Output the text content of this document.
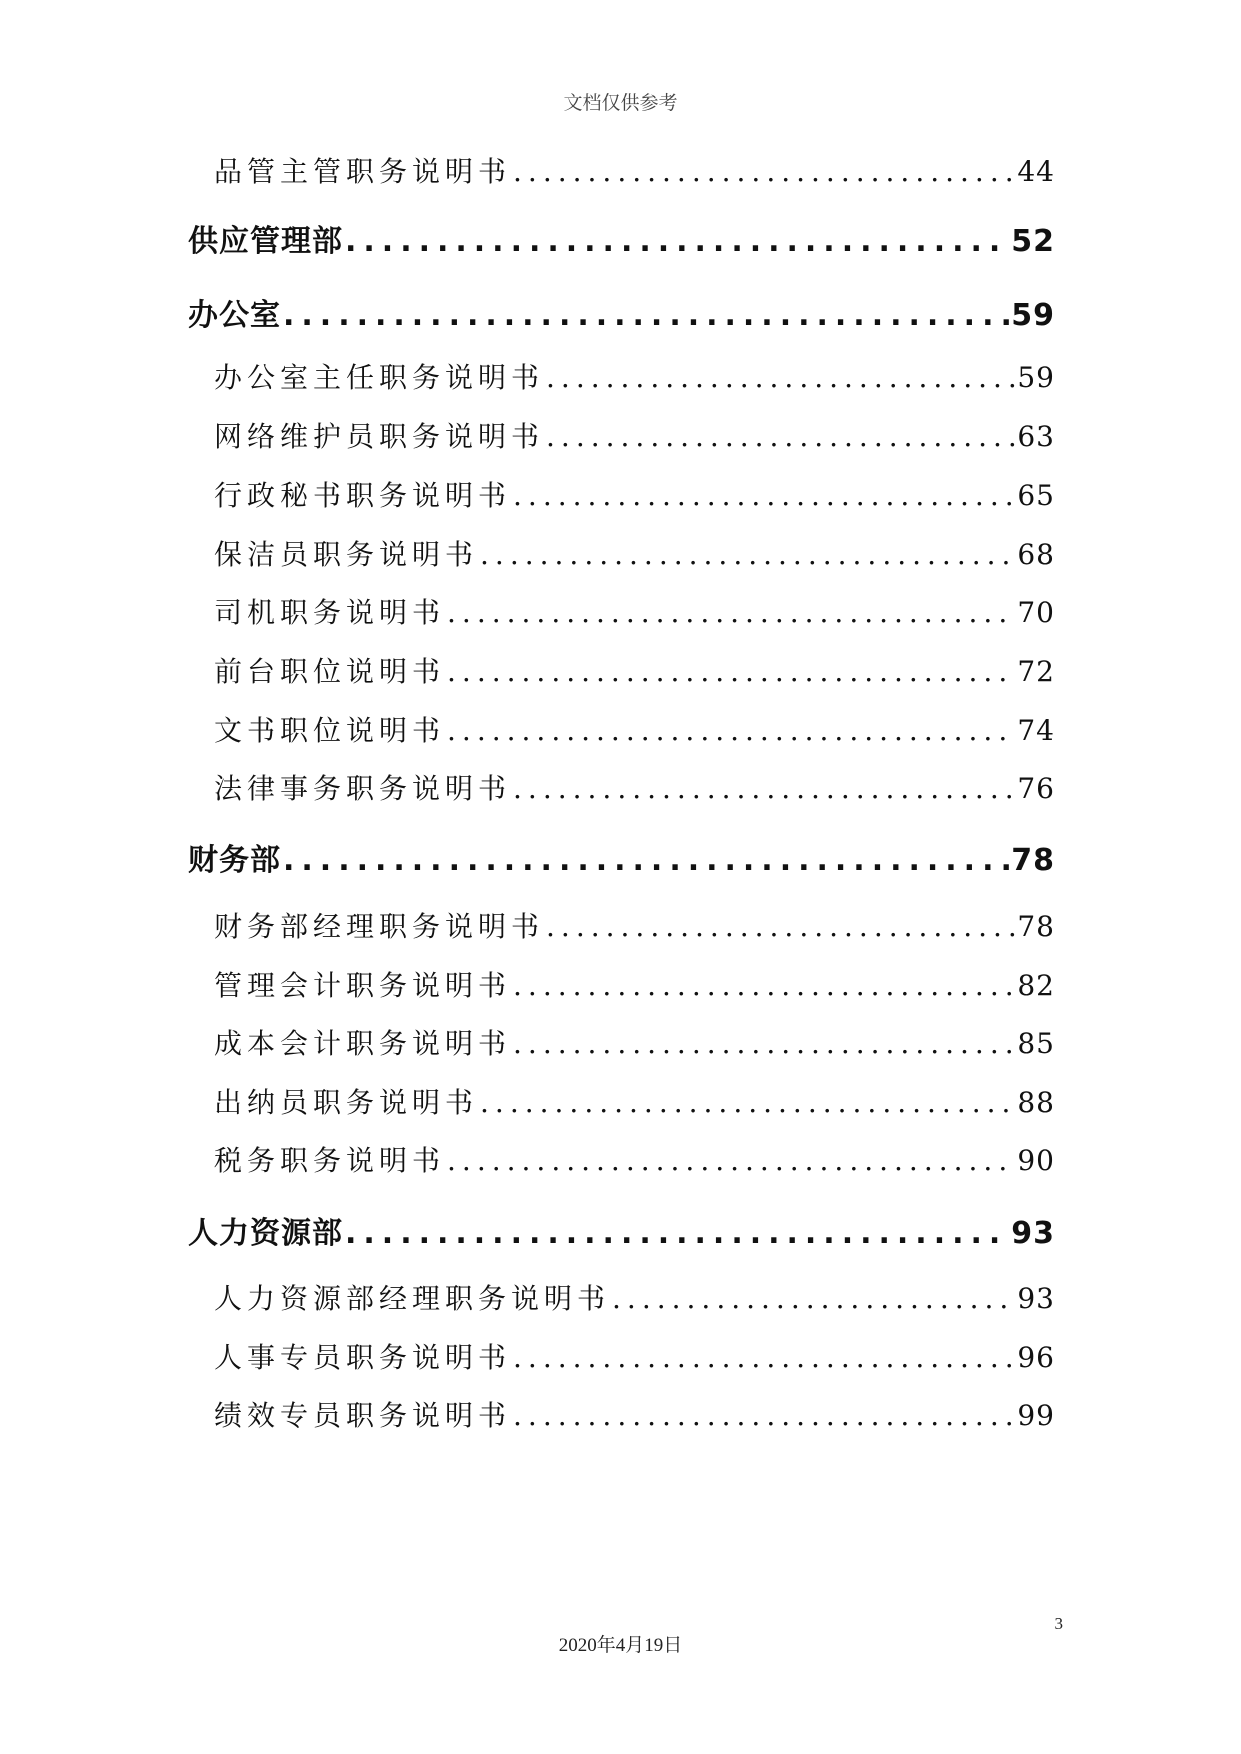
文档仅供参考
品管主管职务说明书 .....	44
供应管理部 .....	52
办公室 .....	59
办公室主任职务说明书 .....	59
网络维护员职务说明书 .....	63
行政秘书职务说明书 .....	65
保洁员职务说明书 .....	68
司机职务说明书 .....	70
前台职位说明书 .....	72
文书职位说明书 .....	74
法律事务职务说明书 .....	76
财务部 .....	78
财务部经理职务说明书 .....	78
管理会计职务说明书 .....	82
成本会计职务说明书 .....	85
出纳员职务说明书 .....	88
税务职务说明书 .....	90
人力资源部 .....	93
人力资源部经理职务说明书 .....	93
人事专员职务说明书 .....	96
绩效专员职务说明书 .....	99
3
2020年4月19日
